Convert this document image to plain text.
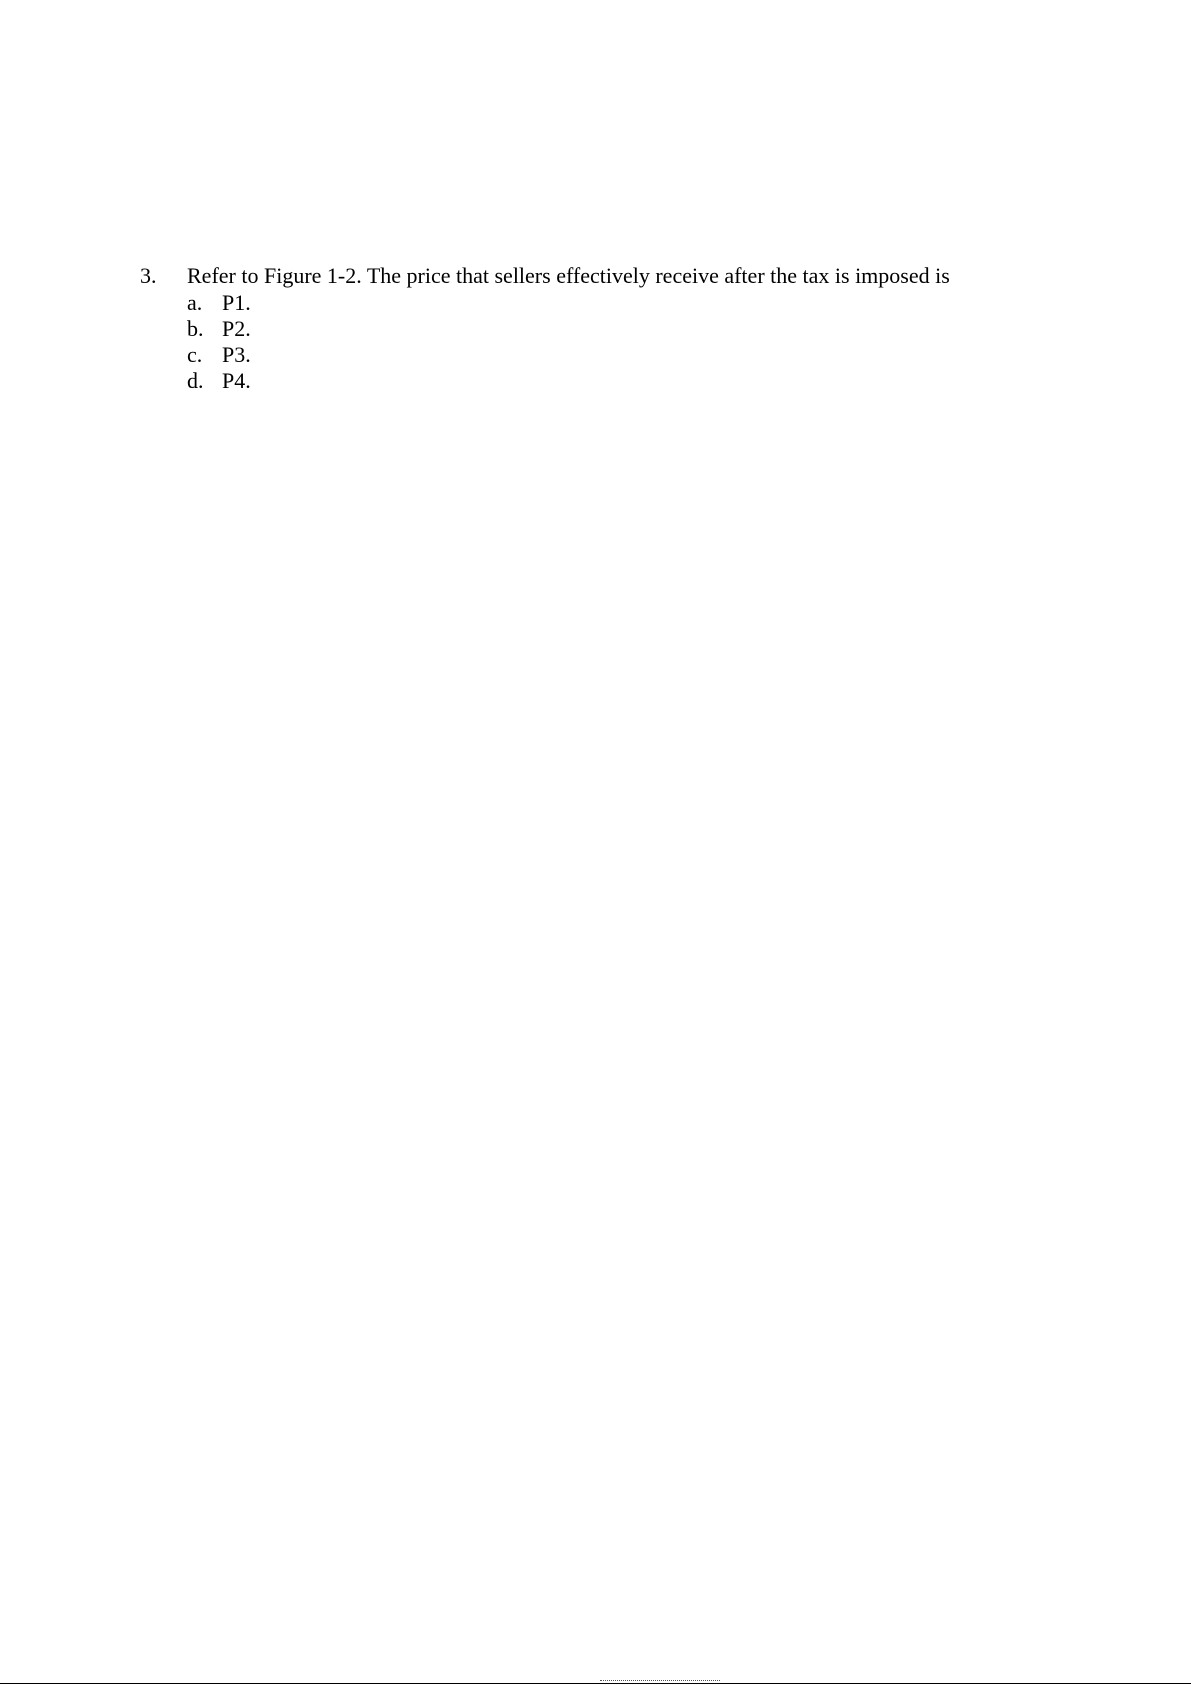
3. Refer to Figure 1-2. The price that sellers effectively receive after the tax is imposed is
a. P1.
b. P2.
c. P3.
d. P4.
